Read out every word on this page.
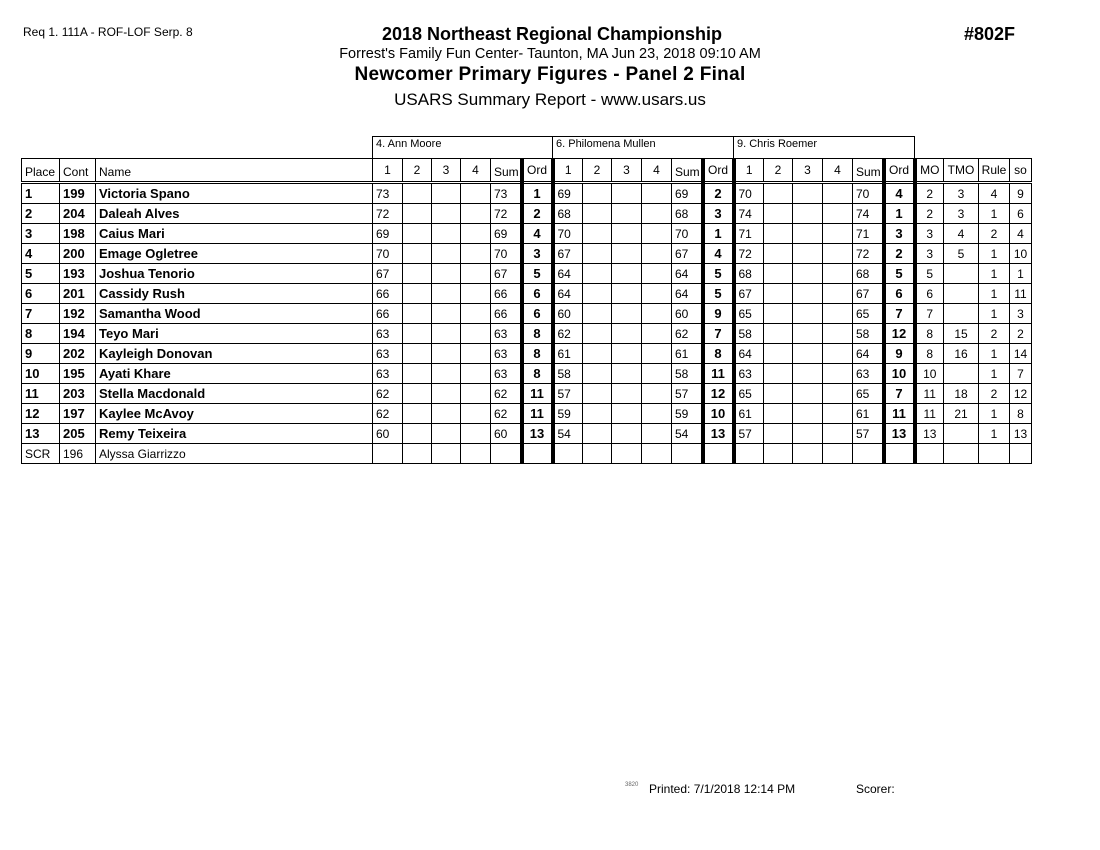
Req 1. 111A - ROF-LOF Serp. 8	2018 Northeast Regional Championship
Forrest's Family Fun Center- Taunton, MA Jun 23, 2018 09:10 AM
Newcomer Primary Figures - Panel 2 Final
USARS Summary Report - www.usars.us
#802F
			4. Ann Moore						6. Philomena Mullen						9. Chris Roemer									
Place	Cont	Name	1	2	3	4	Sum	Ord	1	2	3	4	Sum	Ord	1	2	3	4	Sum	Ord	MO	TMO	Rule	so
1	199	Victoria Spano	73				73	1	69				69	2	70				70	4	2	3	4	9
2	204	Daleah Alves	72				72	2	68				68	3	74				74	1	2	3	1	6
3	198	Caius Mari	69				69	4	70				70	1	71				71	3	3	4	2	4
4	200	Emage Ogletree	70				70	3	67				67	4	72				72	2	3	5	1	10
5	193	Joshua Tenorio	67				67	5	64				64	5	68				68	5	5		1	1
6	201	Cassidy Rush	66				66	6	64				64	5	67				67	6	6		1	11
7	192	Samantha Wood	66				66	6	60				60	9	65				65	7	7		1	3
8	194	Teyo Mari	63				63	8	62				62	7	58				58	12	8	15	2	2
9	202	Kayleigh Donovan	63				63	8	61				61	8	64				64	9	8	16	1	14
10	195	Ayati Khare	63				63	8	58				58	11	63				63	10	10		1	7
11	203	Stella Macdonald	62				62	11	57				57	12	65				65	7	11	18	2	12
12	197	Kaylee McAvoy	62				62	11	59				59	10	61				61	11	11	21	1	8
13	205	Remy Teixeira	60				60	13	54				54	13	57				57	13	13		1	13
SCR	196	Alyssa Giarrizzo																						
3820 Printed: 7/1/2018 12:14 PM	Scorer:
